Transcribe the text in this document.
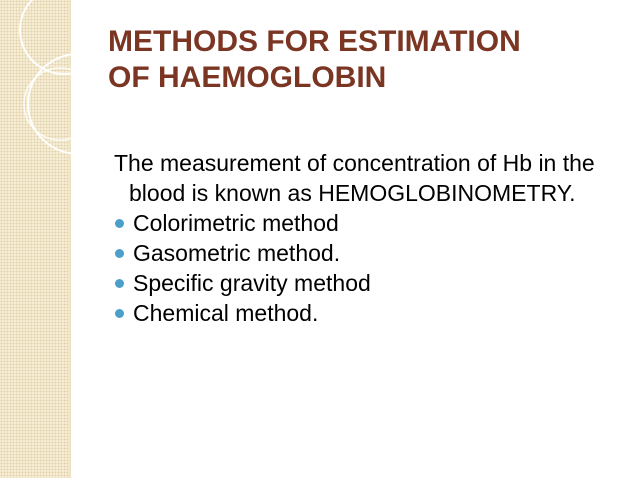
METHODS FOR ESTIMATION
OF HAEMOGLOBIN

The measurement of concentration of Hb in the blood is known as HEMOGLOBINOMETRY.

Colorimetric method
Gasometric method.
Specific gravity method
Chemical method.
